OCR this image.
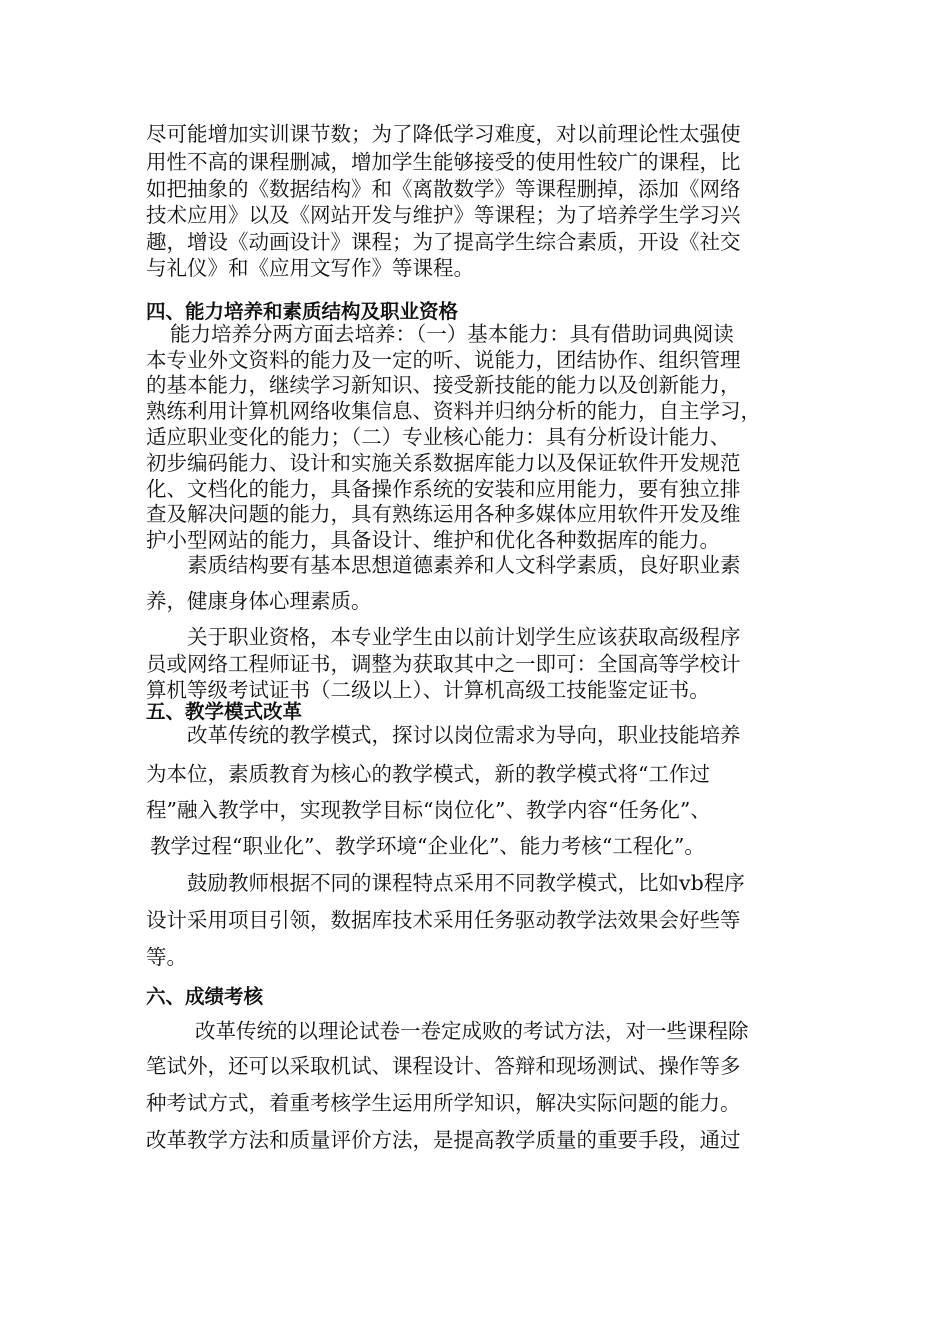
尽可能增加实训课节数；为了降低学习难度，对以前理论性太强使
用性不高的课程删减，增加学生能够接受的使用性较广的课程，比
如把抽象的《数据结构》和《离散数学》等课程删掉，添加《网络
技术应用》以及《网站开发与维护》等课程；为了培养学生学习兴
趣，增设《动画设计》课程；为了提高学生综合素质，开设《社交
与礼仪》和《应用文写作》等课程。
四、能力培养和素质结构及职业资格
能力培养分两方面去培养：（一）基本能力：具有借助词典阅读
本专业外文资料的能力及一定的听、说能力，团结协作、组织管理
的基本能力，继续学习新知识、接受新技能的能力以及创新能力，
熟练利用计算机网络收集信息、资料并归纳分析的能力，自主学习，
适应职业变化的能力；（二）专业核心能力：具有分析设计能力、
初步编码能力、设计和实施关系数据库能力以及保证软件开发规范
化、文档化的能力，具备操作系统的安装和应用能力，要有独立排
查及解决问题的能力，具有熟练运用各种多媒体应用软件开发及维
护小型网站的能力，具备设计、维护和优化各种数据库的能力。
素质结构要有基本思想道德素养和人文科学素质，良好职业素
养，健康身体心理素质。
关于职业资格，本专业学生由以前计划学生应该获取高级程序
员或网络工程师证书，调整为获取其中之一即可：全国高等学校计
算机等级考试证书（二级以上）、计算机高级工技能鉴定证书。
五、教学模式改革
改革传统的教学模式，探讨以岗位需求为导向，职业技能培养
为本位，素质教育为核心的教学模式，新的教学模式将“工作过
程”融入教学中，实现教学目标“岗位化”、教学内容“任务化”、
教学过程“职业化”、教学环境“企业化”、能力考核“工程化”。
鼓励教师根据不同的课程特点采用不同教学模式，比如vb程序
设计采用项目引领，数据库技术采用任务驱动教学法效果会好些等
等。
六、成绩考核
改革传统的以理论试卷一卷定成败的考试方法，对一些课程除
笔试外，还可以采取机试、课程设计、答辩和现场测试、操作等多
种考试方式，着重考核学生运用所学知识，解决实际问题的能力。
改革教学方法和质量评价方法，是提高教学质量的重要手段，通过
